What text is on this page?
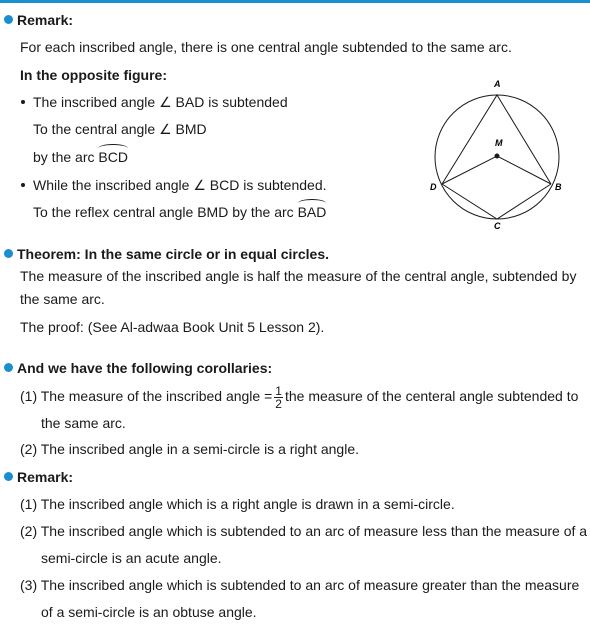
Remark:
For each inscribed angle, there is one central angle subtended to the same arc.
In the opposite figure:
The inscribed angle ∠ BAD is subtended
To the central angle ∠ BMD
by the arc BCD
While the inscribed angle ∠ BCD is subtended.
To the reflex central angle BMD by the arc BAD
A
M
B
D
C
Theorem: In the same circle or in equal circles.
The measure of the inscribed angle is half the measure of the central angle, subtended by
the same arc.
The proof: (See Al-adwaa Book Unit 5 Lesson 2).
And we have the following corollaries:
(1) The measure of the inscribed angle = $\frac{1}{2}$ the measure of the centeral angle subtended to
the same arc.
(2) The inscribed angle in a semi-circle is a right angle.
Remark:
(1) The inscribed angle which is a right angle is drawn in a semi-circle.
(2) The inscribed angle which is subtended to an arc of measure less than the measure of a
semi-circle is an acute angle.
(3) The inscribed angle which is subtended to an arc of measure greater than the measure
of a semi-circle is an obtuse angle.
